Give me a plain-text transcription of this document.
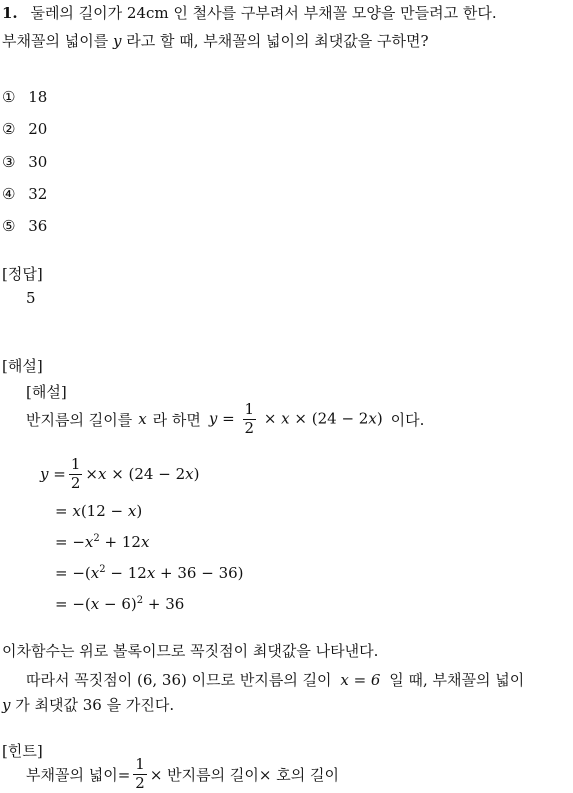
1. 둘레의 길이가 24cm 인 철사를 구부려서 부채꼴 모양을 만들려고 한다.
부채꼴의 넓이를 y 라고 할 때, 부채꼴의 넓이의 최댓값을 구하면?
① 18
② 20
③ 30
④ 32
⑤ 36
[정답]
5
[해설]
[해설]
반지름의 길이를 x 라 하면 $y = \frac{1}{2} \times x \times (24 - 2x)$ 이다.
$y = \frac{1}{2} \times x \times (24 - 2$ x )
= x(12 − x)
= $-x^2 + 12x$
= $-(x^2 - 12x + 36 - 36)$
= $-(x - 6)^2 + 36$
이차함수는 위로 볼록이므로 꼭짓점이 최댓값을 나타낸다.
따라서 꼭짓점이 (6, 36) 이므로 반지름의 길이 x = 6 일 때, 부채꼴의 넓이
y 가 최댓값 36 을 가진다.
[힌트]
부채꼴의 넓이= $\frac{1}{2}$ × 반지름의 길이× 호의 길이
